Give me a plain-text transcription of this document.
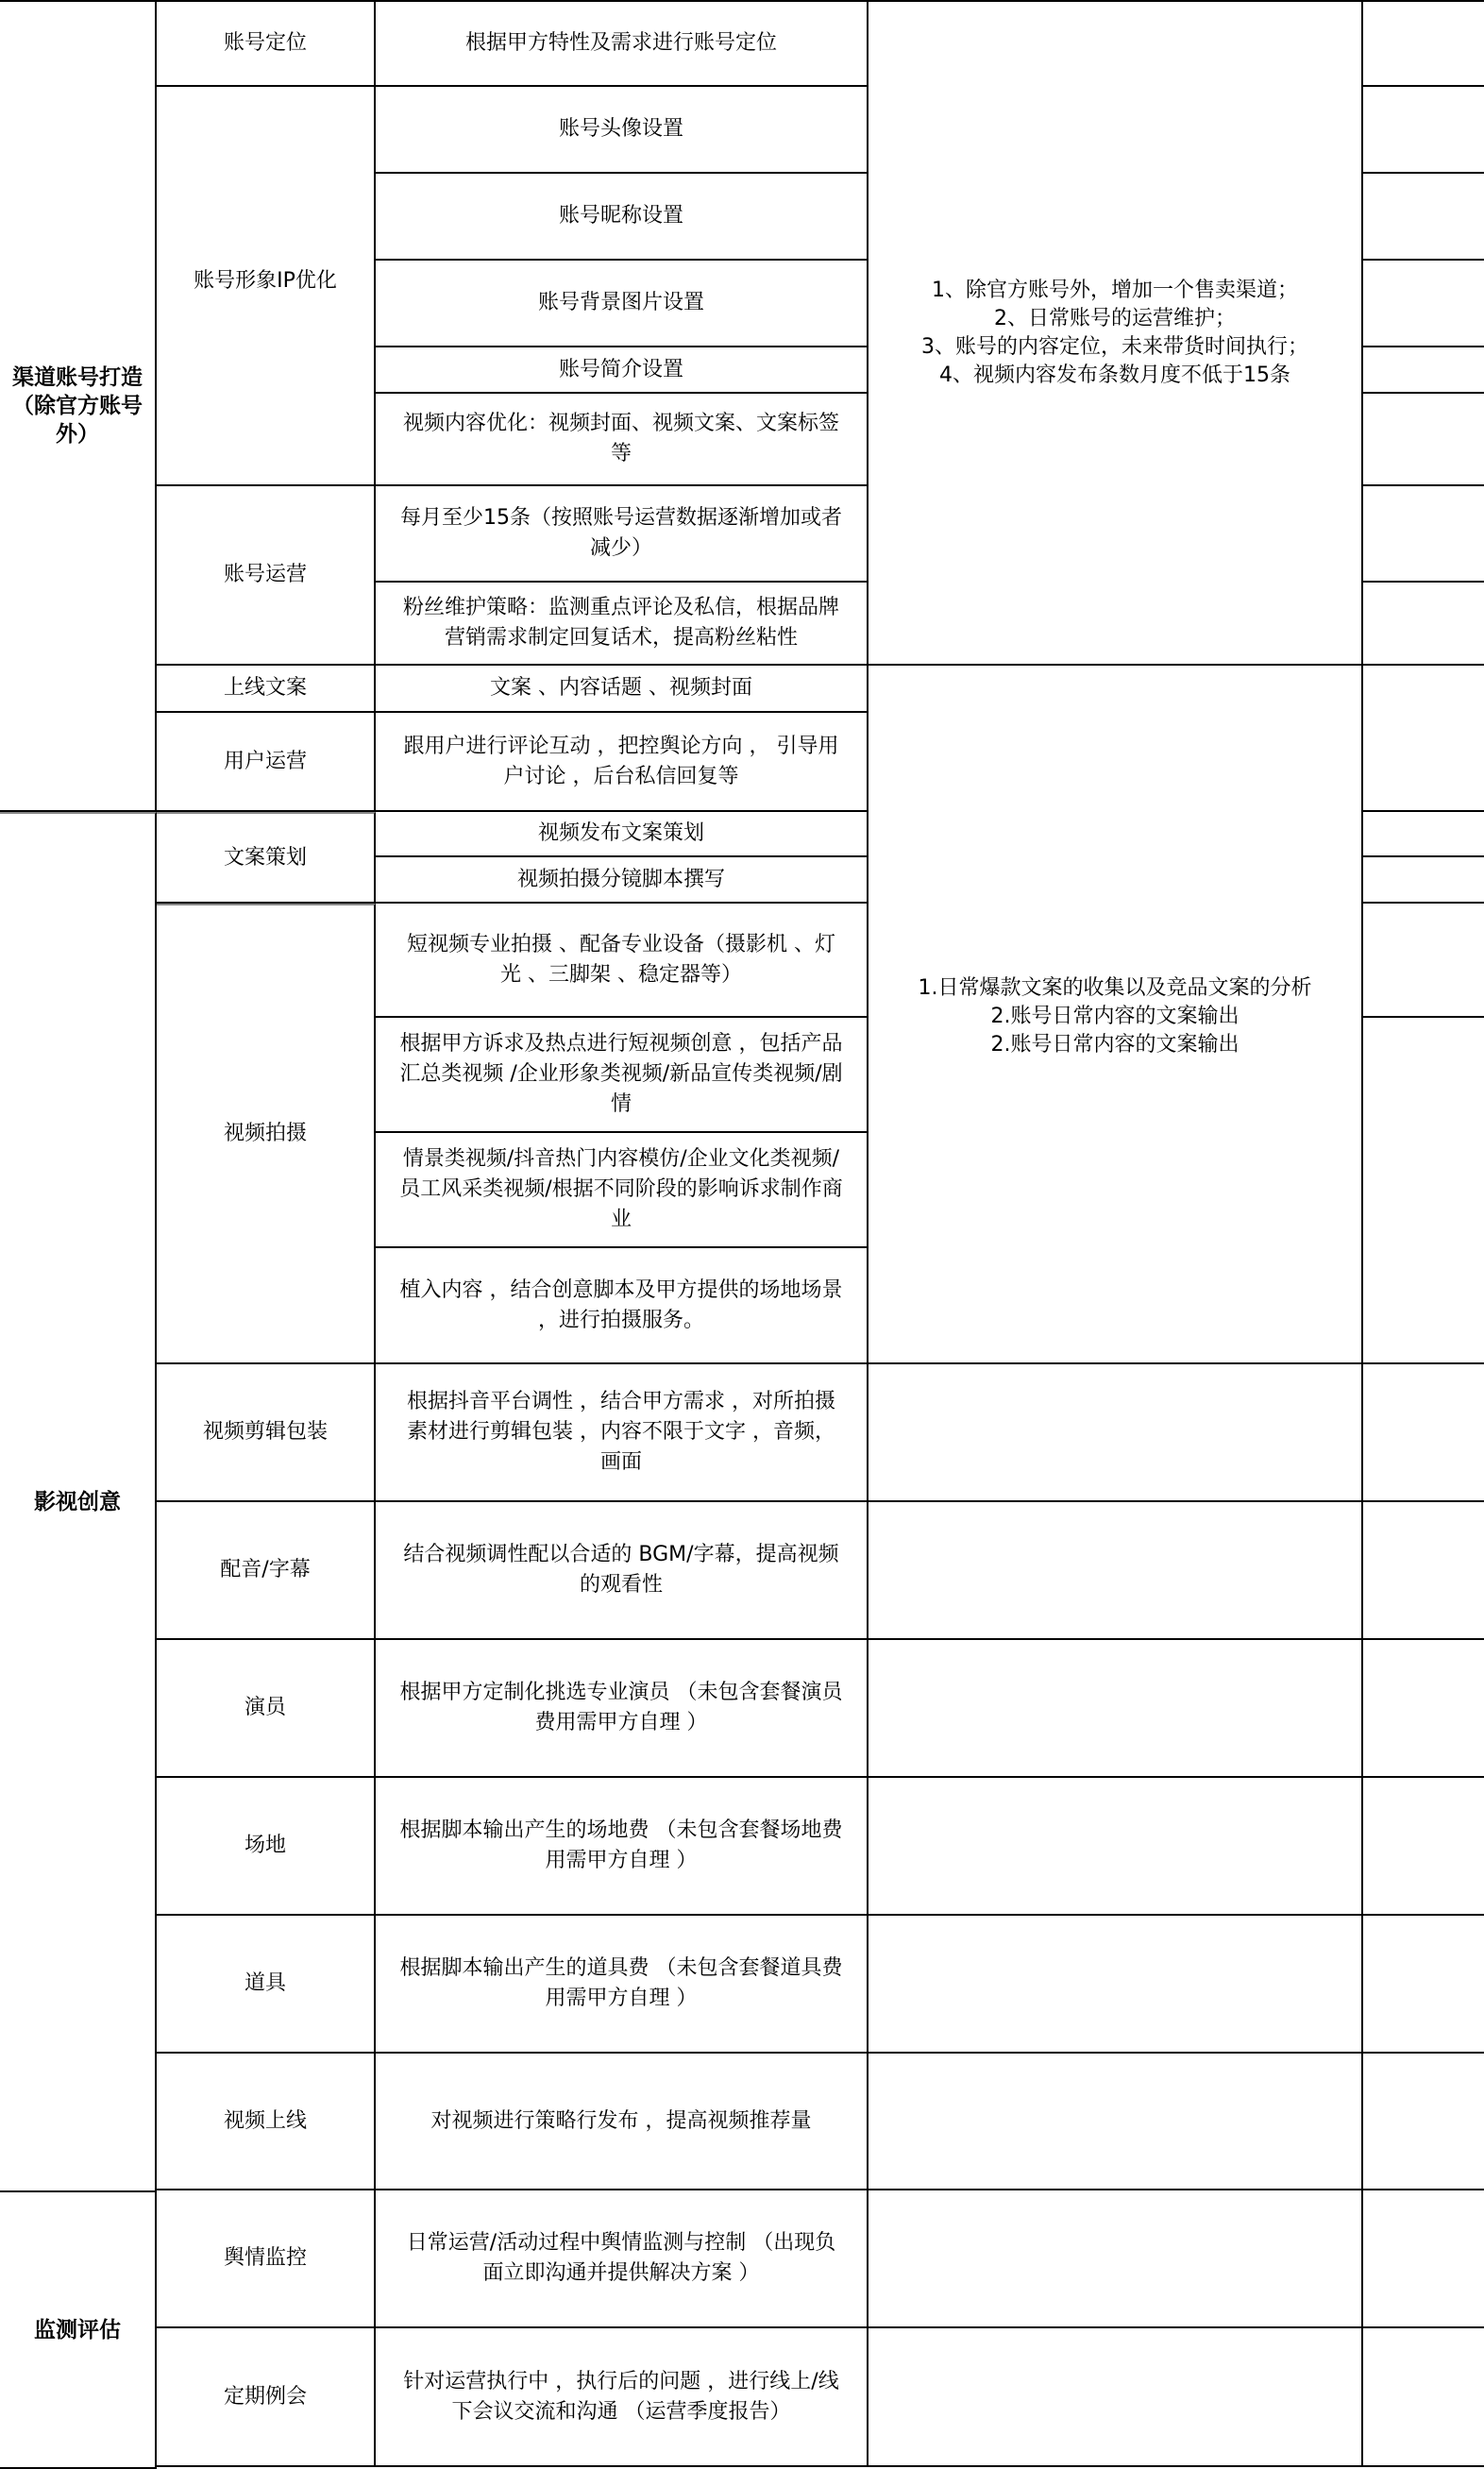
渠道账号打造
（除官方账号
外）
影视创意
监测评估
账号定位
账号形象IP优化
账号运营
上线文案
用户运营
文案策划
视频拍摄
视频剪辑包装
配音/字幕
演员
场地
道具
视频上线
舆情监控
定期例会
根据甲方特性及需求进行账号定位
账号头像设置
账号昵称设置
账号背景图片设置
账号简介设置
视频内容优化：视频封面、视频文案、文案标签
等
每月至少15条（按照账号运营数据逐渐增加或者
减少）
粉丝维护策略：监测重点评论及私信，根据品牌
营销需求制定回复话术，提高粉丝粘性
文案 、内容话题 、视频封面
跟用户进行评论互动 ，把控舆论方向 ， 引导用
户讨论 ，后台私信回复等
视频发布文案策划
视频拍摄分镜脚本撰写
短视频专业拍摄 、配备专业设备（摄影机 、灯
光 、三脚架 、稳定器等）
根据甲方诉求及热点进行短视频创意 ，包括产品
汇总类视频 /企业形象类视频/新品宣传类视频/剧
情
情景类视频/抖音热门内容模仿/企业文化类视频/
员工风采类视频/根据不同阶段的影响诉求制作商
业
植入内容 ，结合创意脚本及甲方提供的场地场景
，进行拍摄服务。
根据抖音平台调性 ，结合甲方需求 ，对所拍摄
素材进行剪辑包装 ，内容不限于文字 ，音频，
画面
结合视频调性配以合适的 BGM/字幕，提高视频
的观看性
根据甲方定制化挑选专业演员 （未包含套餐演员
费用需甲方自理 ）
根据脚本输出产生的场地费 （未包含套餐场地费
用需甲方自理 ）
根据脚本输出产生的道具费 （未包含套餐道具费
用需甲方自理 ）
对视频进行策略行发布 ，提高视频推荐量
日常运营/活动过程中舆情监测与控制 （出现负
面立即沟通并提供解决方案 ）
针对运营执行中 ，执行后的问题 ，进行线上/线
下会议交流和沟通 （运营季度报告）
1、除官方账号外，增加一个售卖渠道；
2、日常账号的运营维护；
3、账号的内容定位，未来带货时间执行；
4、视频内容发布条数月度不低于15条
1.日常爆款文案的收集以及竞品文案的分析
2.账号日常内容的文案输出
2.账号日常内容的文案输出
